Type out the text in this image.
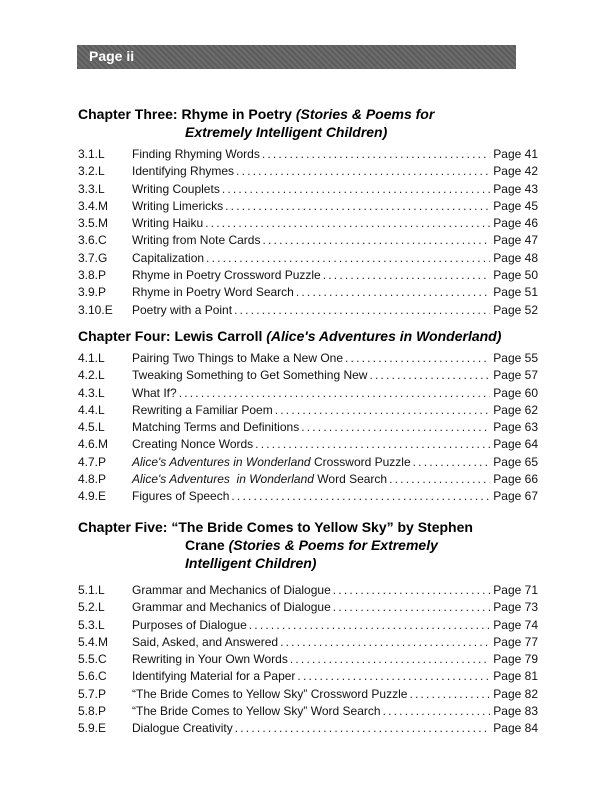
Page ii
Chapter Three: Rhyme in Poetry (Stories & Poems for
Extremely Intelligent Children)
3.1.L	Finding Rhyming Words .....	Page 41
3.2.L	Identifying Rhymes .....	Page 42
3.3.L	Writing Couplets .....	Page 43
3.4.M	Writing Limericks .....	Page 45
3.5.M	Writing Haiku .....	Page 46
3.6.C	Writing from Note Cards .....	Page 47
3.7.G	Capitalization .....	Page 48
3.8.P	Rhyme in Poetry Crossword Puzzle .....	Page 50
3.9.P	Rhyme in Poetry Word Search .....	Page 51
3.10.E	Poetry with a Point .....	Page 52
Chapter Four: Lewis Carroll (Alice's Adventures in Wonderland)
4.1.L	Pairing Two Things to Make a New One .....	Page 55
4.2.L	Tweaking Something to Get Something New .....	Page 57
4.3.L	What If? .....	Page 60
4.4.L	Rewriting a Familiar Poem .....	Page 62
4.5.L	Matching Terms and Definitions .....	Page 63
4.6.M	Creating Nonce Words .....	Page 64
4.7.P	Alice's Adventures in Wonderland Crossword Puzzle .....	Page 65
4.8.P	Alice's Adventures  in Wonderland Word Search .....	Page 66
4.9.E	Figures of Speech .....	Page 67
Chapter Five: “The Bride Comes to Yellow Sky” by Stephen
Crane (Stories & Poems for Extremely
Intelligent Children)
5.1.L	Grammar and Mechanics of Dialogue .....	Page 71
5.2.L	Grammar and Mechanics of Dialogue .....	Page 73
5.3.L	Purposes of Dialogue .....	Page 74
5.4.M	Said, Asked, and Answered .....	Page 77
5.5.C	Rewriting in Your Own Words .....	Page 79
5.6.C	Identifying Material for a Paper .....	Page 81
5.7.P	“The Bride Comes to Yellow Sky” Crossword Puzzle .....	Page 82
5.8.P	“The Bride Comes to Yellow Sky” Word Search .....	Page 83
5.9.E	Dialogue Creativity .....	Page 84
